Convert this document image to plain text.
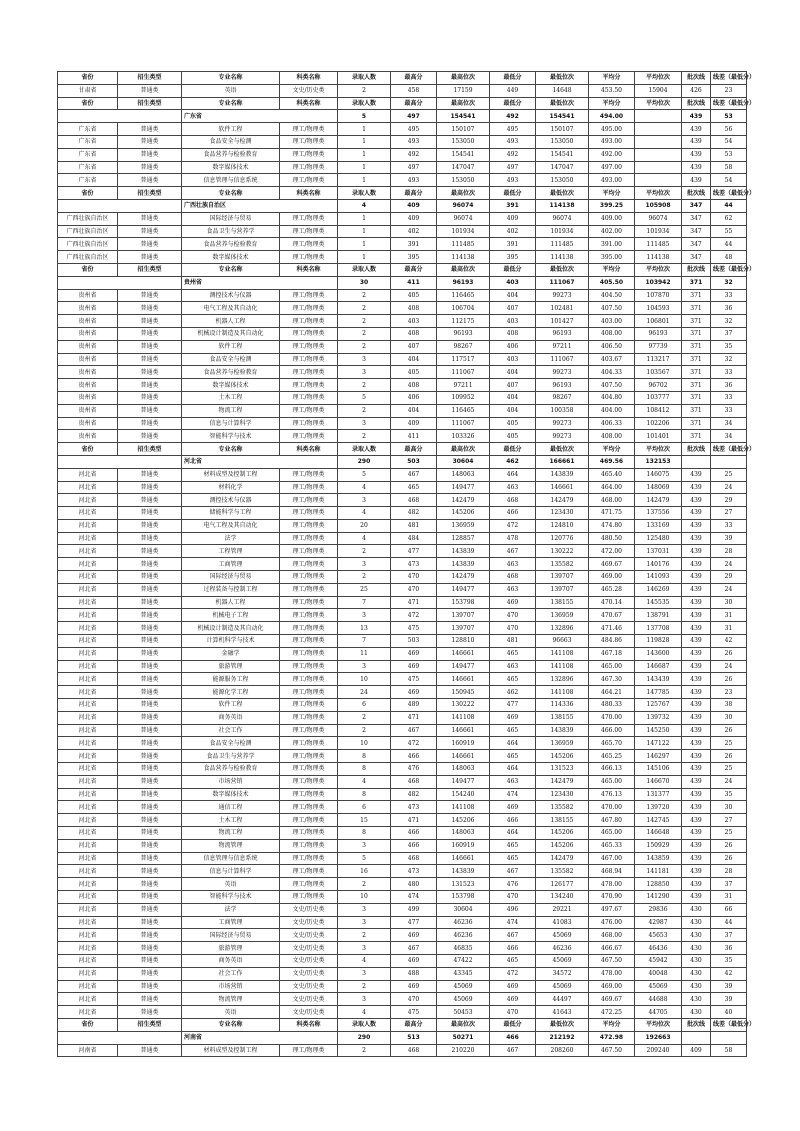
省份	招生类型	专业名称	科类名称	录取人数	最高分	最高位次	最低分	最低位次	平均分	平均位次	批次线	线差（最低分）
甘肃省	普通类	英语	文史/历史类	2	458	17159	449	14648	453.50	15904	426	23
省份	招生类型	专业名称	科类名称	录取人数	最高分	最高位次	最低分	最低位次	平均分	平均位次	批次线	线差（最低分）
		广东省		5	497	154541	492	154541	494.00		439	53
广东省	普通类	软件工程	理工/物理类	1	495	150107	495	150107	495.00		439	56
广东省	普通类	食品安全与检测	理工/物理类	1	493	153050	493	153050	493.00		439	54
广东省	普通类	食品营养与检验教育	理工/物理类	1	492	154541	492	154541	492.00		439	53
广东省	普通类	数字媒体技术	理工/物理类	1	497	147047	497	147047	497.00		439	58
广东省	普通类	信息管理与信息系统	理工/物理类	1	493	153050	493	153050	493.00		439	54
省份	招生类型	专业名称	科类名称	录取人数	最高分	最高位次	最低分	最低位次	平均分	平均位次	批次线	线差（最低分）
		广西壮族自治区		4	409	96074	391	114138	399.25	105908	347	44
广西壮族自治区	普通类	国际经济与贸易	理工/物理类	1	409	96074	409	96074	409.00	96074	347	62
广西壮族自治区	普通类	食品卫生与营养学	理工/物理类	1	402	101934	402	101934	402.00	101934	347	55
广西壮族自治区	普通类	食品营养与检验教育	理工/物理类	1	391	111485	391	111485	391.00	111485	347	44
广西壮族自治区	普通类	数字媒体技术	理工/物理类	1	395	114138	395	114138	395.00	114138	347	48
省份	招生类型	专业名称	科类名称	录取人数	最高分	最高位次	最低分	最低位次	平均分	平均位次	批次线	线差（最低分）
		贵州省		30	411	96193	403	111067	405.50	103942	371	32
贵州省	普通类	测控技术与仪器	理工/物理类	2	405	116465	404	99273	404.50	107870	371	33
贵州省	普通类	电气工程及其自动化	理工/物理类	2	408	106704	407	102481	407.50	104593	371	36
贵州省	普通类	机器人工程	理工/物理类	2	403	112175	403	101427	403.00	106801	371	32
贵州省	普通类	机械设计制造及其自动化	理工/物理类	2	408	96193	408	96193	408.00	96193	371	37
贵州省	普通类	软件工程	理工/物理类	2	407	98267	406	97211	406.50	97739	371	35
贵州省	普通类	食品安全与检测	理工/物理类	3	404	117517	403	111067	403.67	113217	371	32
贵州省	普通类	食品营养与检验教育	理工/物理类	3	405	111067	404	99273	404.33	103567	371	33
贵州省	普通类	数字媒体技术	理工/物理类	2	408	97211	407	96193	407.50	96702	371	36
贵州省	普通类	土木工程	理工/物理类	5	406	109952	404	98267	404.80	103777	371	33
贵州省	普通类	物流工程	理工/物理类	2	404	116465	404	100358	404.00	108412	371	33
贵州省	普通类	信息与计算科学	理工/物理类	3	409	111067	405	99273	406.33	102206	371	34
贵州省	普通类	智能科学与技术	理工/物理类	2	411	103326	405	99273	408.00	101401	371	34
省份	招生类型	专业名称	科类名称	录取人数	最高分	最高位次	最低分	最低位次	平均分	平均位次	批次线	线差（最低分）
		河北省		290	503	30604	462	166661	469.56	132153		
河北省	普通类	材料成型及控制工程	理工/物理类	5	467	148063	464	143839	465.40	146075	439	25
河北省	普通类	材料化学	理工/物理类	4	465	149477	463	146661	464.00	148069	439	24
河北省	普通类	测控技术与仪器	理工/物理类	3	468	142479	468	142479	468.00	142479	439	29
河北省	普通类	储能科学与工程	理工/物理类	4	482	145206	466	123430	471.75	137556	439	27
河北省	普通类	电气工程及其自动化	理工/物理类	20	481	136959	472	124810	474.80	133169	439	33
河北省	普通类	法学	理工/物理类	4	484	128857	478	120776	480.50	125480	439	39
河北省	普通类	工程管理	理工/物理类	2	477	143839	467	130222	472.00	137031	439	28
河北省	普通类	工商管理	理工/物理类	3	473	143839	463	135582	469.67	140176	439	24
河北省	普通类	国际经济与贸易	理工/物理类	2	470	142479	468	139707	469.00	141093	439	29
河北省	普通类	过程装备与控制工程	理工/物理类	25	470	149477	463	139707	465.28	146269	439	24
河北省	普通类	机器人工程	理工/物理类	7	471	153798	469	138155	470.14	145535	439	30
河北省	普通类	机械电子工程	理工/物理类	3	472	139707	470	136959	470.67	138791	439	31
河北省	普通类	机械设计制造及其自动化	理工/物理类	13	475	139707	470	132896	471.46	137708	439	31
河北省	普通类	计算机科学与技术	理工/物理类	7	503	128810	481	96663	484.86	119828	439	42
河北省	普通类	金融学	理工/物理类	11	469	146661	465	141108	467.18	143600	439	26
河北省	普通类	旅游管理	理工/物理类	3	469	149477	463	141108	465.00	146687	439	24
河北省	普通类	能源服务工程	理工/物理类	10	475	146661	465	132896	467.30	143439	439	26
河北省	普通类	能源化学工程	理工/物理类	24	469	150945	462	141108	464.21	147785	439	23
河北省	普通类	软件工程	理工/物理类	6	489	130222	477	114336	480.33	125767	439	38
河北省	普通类	商务英语	理工/物理类	2	471	141108	469	138155	470.00	139732	439	30
河北省	普通类	社会工作	理工/物理类	2	467	146661	465	143839	466.00	145250	439	26
河北省	普通类	食品安全与检测	理工/物理类	10	472	160919	464	136959	465.70	147122	439	25
河北省	普通类	食品卫生与营养学	理工/物理类	8	466	146661	465	145206	465.25	146297	439	26
河北省	普通类	食品营养与检验教育	理工/物理类	8	476	148063	464	131523	466.13	145106	439	25
河北省	普通类	市场营销	理工/物理类	4	468	149477	463	142479	465.00	146670	439	24
河北省	普通类	数字媒体技术	理工/物理类	8	482	154240	474	123430	476.13	131377	439	35
河北省	普通类	通信工程	理工/物理类	6	473	141108	469	135582	470.00	139720	439	30
河北省	普通类	土木工程	理工/物理类	15	471	145206	466	138155	467.80	142745	439	27
河北省	普通类	物流工程	理工/物理类	8	466	148063	464	145206	465.00	146648	439	25
河北省	普通类	物流管理	理工/物理类	3	466	160919	465	145206	465.33	150929	439	26
河北省	普通类	信息管理与信息系统	理工/物理类	5	468	146661	465	142479	467.00	143859	439	26
河北省	普通类	信息与计算科学	理工/物理类	16	473	143839	467	135582	468.94	141181	439	28
河北省	普通类	英语	理工/物理类	2	480	131523	476	126177	478.00	128850	439	37
河北省	普通类	智能科学与技术	理工/物理类	10	474	153798	470	134240	470.90	141290	439	31
河北省	普通类	法学	文史/历史类	3	499	30604	496	29221	497.67	29836	430	66
河北省	普通类	工商管理	文史/历史类	3	477	46236	474	41083	476.00	42987	430	44
河北省	普通类	国际经济与贸易	文史/历史类	2	469	46236	467	45069	468.00	45653	430	37
河北省	普通类	旅游管理	文史/历史类	3	467	46835	466	46236	466.67	46436	430	36
河北省	普通类	商务英语	文史/历史类	4	469	47422	465	45069	467.50	45942	430	35
河北省	普通类	社会工作	文史/历史类	3	488	43345	472	34572	478.00	40048	430	42
河北省	普通类	市场营销	文史/历史类	2	469	45069	469	45069	469.00	45069	430	39
河北省	普通类	物流管理	文史/历史类	3	470	45069	469	44497	469.67	44688	430	39
河北省	普通类	英语	文史/历史类	4	475	50453	470	41643	472.25	44705	430	40
省份	招生类型	专业名称	科类名称	录取人数	最高分	最高位次	最低分	最低位次	平均分	平均位次	批次线	线差（最低分）
		河南省		290	513	50271	466	212192	472.98	192663		
河南省	普通类	材料成型及控制工程	理工/物理类	2	468	210220	467	208260	467.50	209240	409	58
